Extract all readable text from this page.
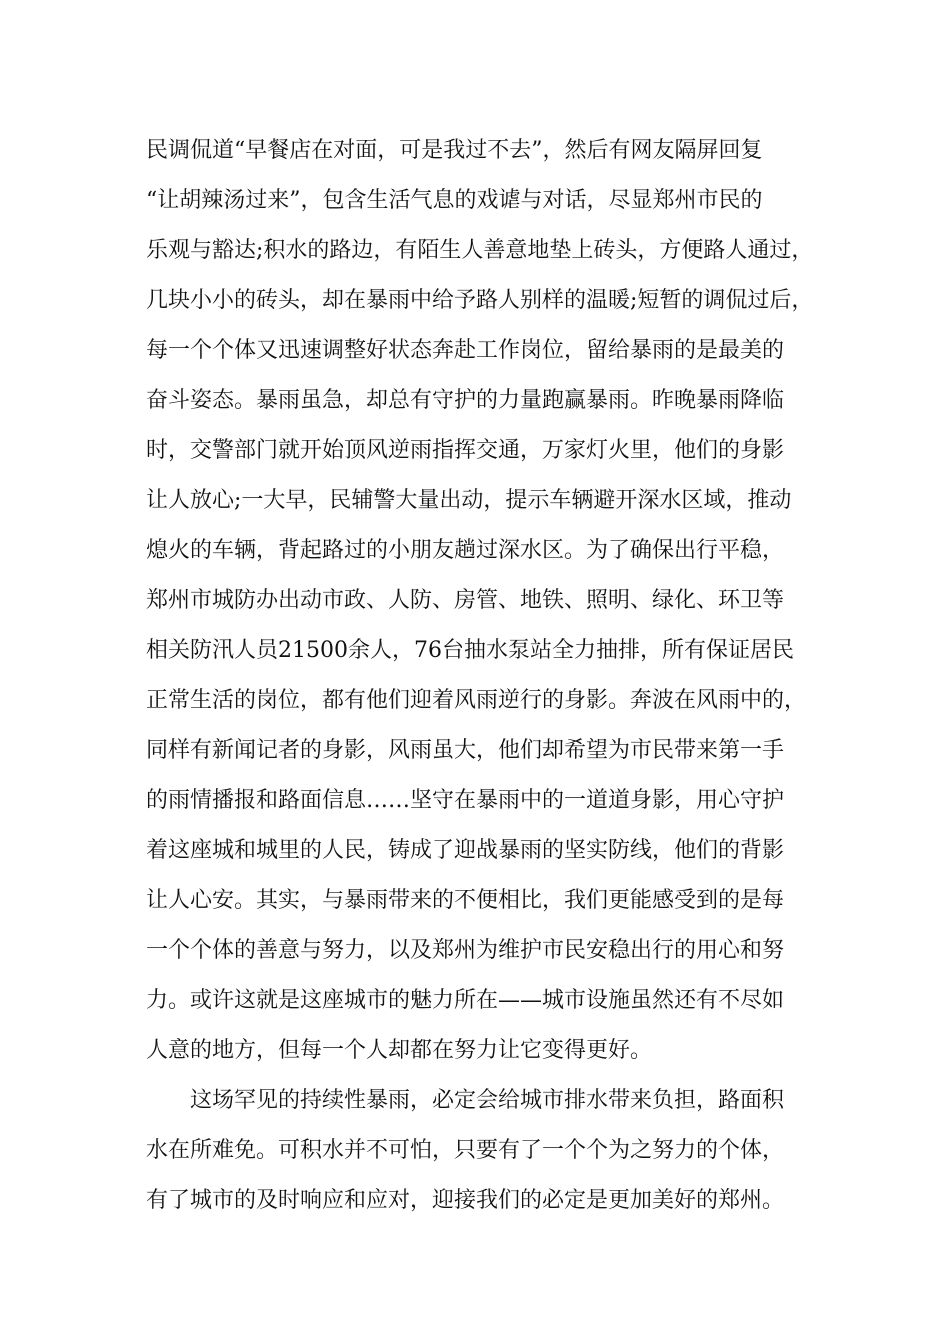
民调侃道“早餐店在对面，可是我过不去”，然后有网友隔屏回复
“让胡辣汤过来”，包含生活气息的戏谑与对话，尽显郑州市民的
乐观与豁达;积水的路边，有陌生人善意地垫上砖头，方便路人通过，
几块小小的砖头，却在暴雨中给予路人别样的温暖;短暂的调侃过后，
每一个个体又迅速调整好状态奔赴工作岗位，留给暴雨的是最美的
奋斗姿态。暴雨虽急，却总有守护的力量跑赢暴雨。昨晚暴雨降临
时，交警部门就开始顶风逆雨指挥交通，万家灯火里，他们的身影
让人放心;一大早，民辅警大量出动，提示车辆避开深水区域，推动
熄火的车辆，背起路过的小朋友趟过深水区。为了确保出行平稳，
郑州市城防办出动市政、人防、房管、地铁、照明、绿化、环卫等
相关防汛人员21500余人，76台抽水泵站全力抽排，所有保证居民
正常生活的岗位，都有他们迎着风雨逆行的身影。奔波在风雨中的，
同样有新闻记者的身影，风雨虽大，他们却希望为市民带来第一手
的雨情播报和路面信息……坚守在暴雨中的一道道身影，用心守护
着这座城和城里的人民，铸成了迎战暴雨的坚实防线，他们的背影
让人心安。其实，与暴雨带来的不便相比，我们更能感受到的是每
一个个体的善意与努力，以及郑州为维护市民安稳出行的用心和努
力。或许这就是这座城市的魅力所在——城市设施虽然还有不尽如
人意的地方，但每一个人却都在努力让它变得更好。
这场罕见的持续性暴雨，必定会给城市排水带来负担，路面积
水在所难免。可积水并不可怕，只要有了一个个为之努力的个体，
有了城市的及时响应和应对，迎接我们的必定是更加美好的郑州。
